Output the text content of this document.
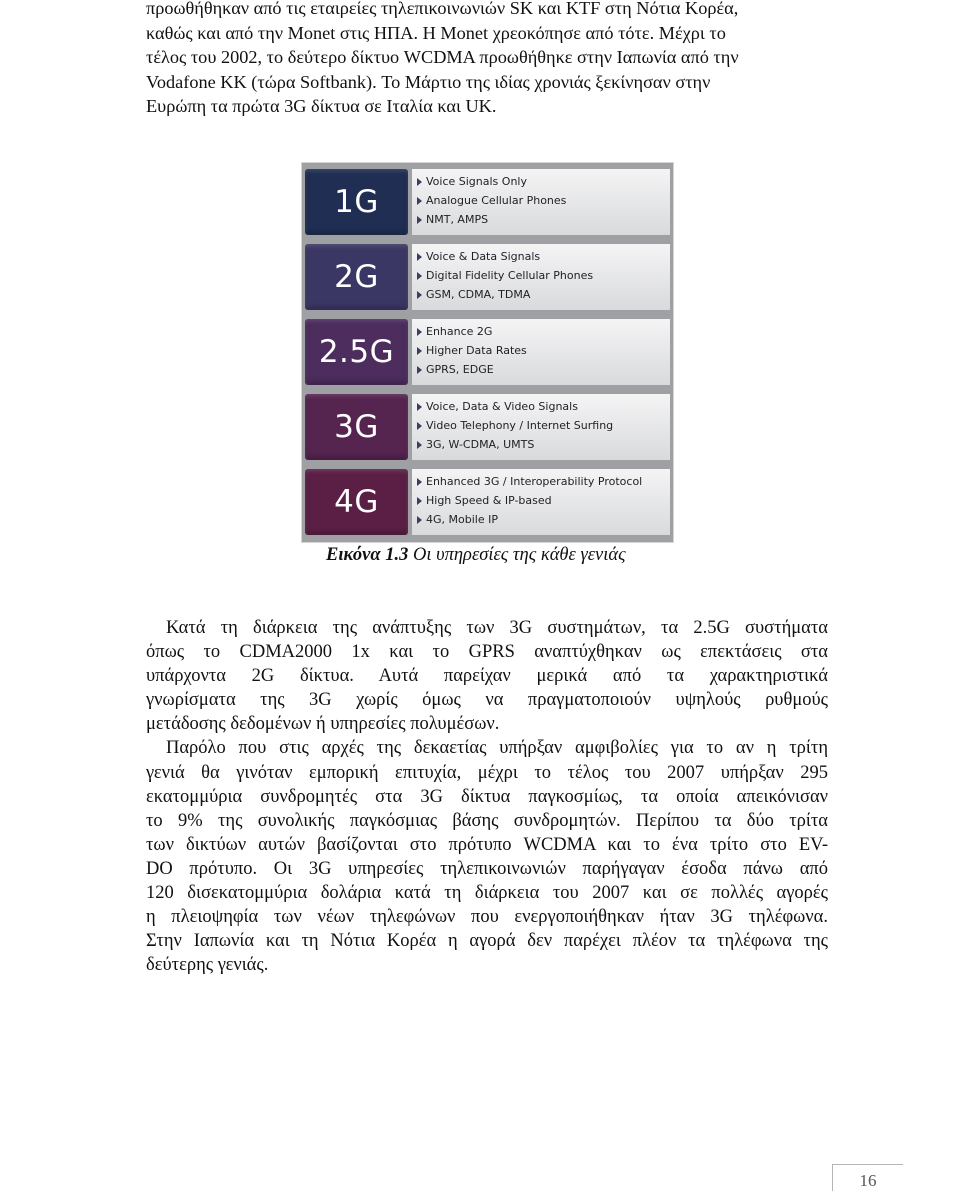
προωθήθηκαν από τις εταιρείες τηλεπικοινωνιών SK και KTF στη Νότια Κορέα,
καθώς και από την Monet στις ΗΠΑ. Η Monet χρεοκόπησε από τότε. Μέχρι το
τέλος του 2002, το δεύτερο δίκτυο WCDMA προωθήθηκε στην Ιαπωνία από την
Vodafone KK (τώρα Softbank). Το Μάρτιο της ιδίας χρονιάς ξεκίνησαν στην
Ευρώπη τα πρώτα 3G δίκτυα σε Ιταλία και UK.
1G
Voice Signals Only
Analogue Cellular Phones
NMT, AMPS
2G
Voice & Data Signals
Digital Fidelity Cellular Phones
GSM, CDMA, TDMA
2.5G
Enhance 2G
Higher Data Rates
GPRS, EDGE
3G
Voice, Data & Video Signals
Video Telephony / Internet Surfing
3G, W-CDMA, UMTS
4G
Enhanced 3G / Interoperability Protocol
High Speed & IP-based
4G, Mobile IP

Εικόνα 1.3 Οι υπηρεσίες της κάθε γενιάς

Κατά τη διάρκεια της ανάπτυξης των 3G συστημάτων, τα 2.5G συστήματα
όπως το CDMA2000 1x και το GPRS αναπτύχθηκαν ως επεκτάσεις στα
υπάρχοντα 2G δίκτυα. Αυτά παρείχαν μερικά από τα χαρακτηριστικά
γνωρίσματα της 3G χωρίς όμως να πραγματοποιούν υψηλούς ρυθμούς
μετάδοσης δεδομένων ή υπηρεσίες πολυμέσων.

Παρόλο που στις αρχές της δεκαετίας υπήρξαν αμφιβολίες για το αν η τρίτη
γενιά θα γινόταν εμπορική επιτυχία, μέχρι το τέλος του 2007 υπήρξαν 295
εκατομμύρια συνδρομητές στα 3G δίκτυα παγκοσμίως, τα οποία απεικόνισαν
το 9% της συνολικής παγκόσμιας βάσης συνδρομητών. Περίπου τα δύο τρίτα
των δικτύων αυτών βασίζονται στο πρότυπο WCDMA και το ένα τρίτο στο EV-
DO πρότυπο. Οι 3G υπηρεσίες τηλεπικοινωνιών παρήγαγαν έσοδα πάνω από
120 δισεκατομμύρια δολάρια κατά τη διάρκεια του 2007 και σε πολλές αγορές
η πλειοψηφία των νέων τηλεφώνων που ενεργοποιήθηκαν ήταν 3G τηλέφωνα.
Στην Ιαπωνία και τη Νότια Κορέα η αγορά δεν παρέχει πλέον τα τηλέφωνα της
δεύτερης γενιάς.

16
